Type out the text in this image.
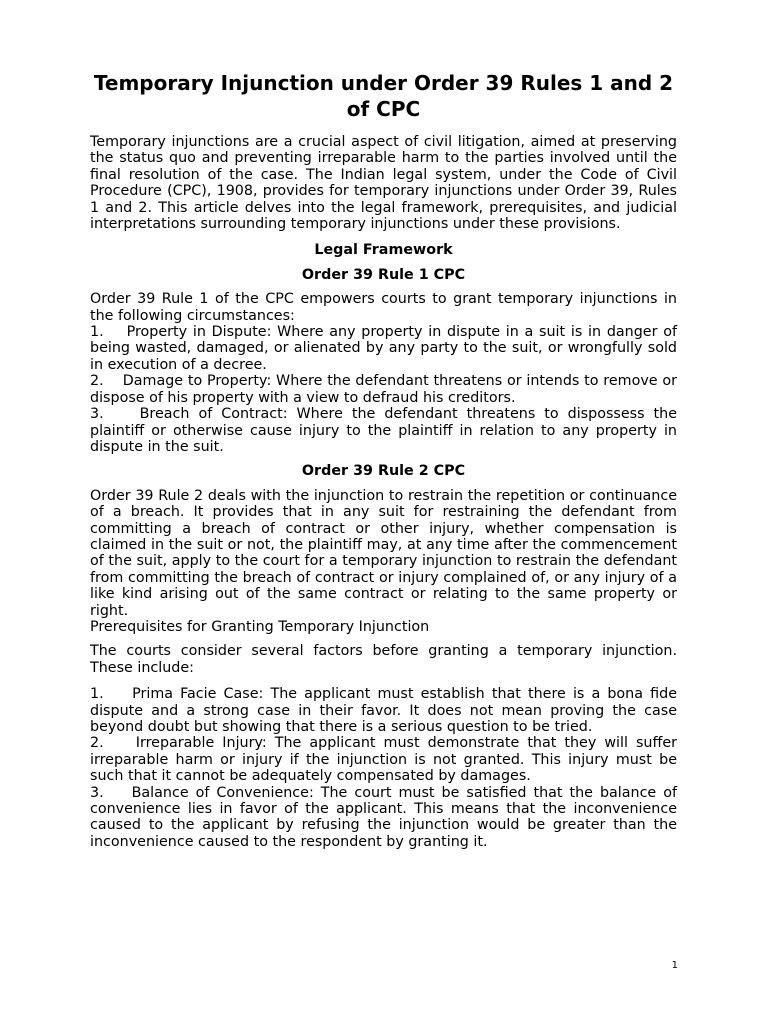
Temporary Injunction under Order 39 Rules 1 and 2 of CPC

Temporary injunctions are a crucial aspect of civil litigation, aimed at preserving the status quo and preventing irreparable harm to the parties involved until the final resolution of the case. The Indian legal system, under the Code of Civil Procedure (CPC), 1908, provides for temporary injunctions under Order 39, Rules 1 and 2. This article delves into the legal framework, prerequisites, and judicial interpretations surrounding temporary injunctions under these provisions.

Legal Framework
Order 39 Rule 1 CPC

Order 39 Rule 1 of the CPC empowers courts to grant temporary injunctions in the following circumstances:

1.    Property in Dispute: Where any property in dispute in a suit is in danger of being wasted, damaged, or alienated by any party to the suit, or wrongfully sold in execution of a decree.

2.    Damage to Property: Where the defendant threatens or intends to remove or dispose of his property with a view to defraud his creditors.

3.    Breach of Contract: Where the defendant threatens to dispossess the plaintiff or otherwise cause injury to the plaintiff in relation to any property in dispute in the suit.

Order 39 Rule 2 CPC

Order 39 Rule 2 deals with the injunction to restrain the repetition or continuance of a breach. It provides that in any suit for restraining the defendant from committing a breach of contract or other injury, whether compensation is claimed in the suit or not, the plaintiff may, at any time after the commencement of the suit, apply to the court for a temporary injunction to restrain the defendant from committing the breach of contract or injury complained of, or any injury of a like kind arising out of the same contract or relating to the same property or right.

Prerequisites for Granting Temporary Injunction

The courts consider several factors before granting a temporary injunction. These include:

1.    Prima Facie Case: The applicant must establish that there is a bona fide dispute and a strong case in their favor. It does not mean proving the case beyond doubt but showing that there is a serious question to be tried.

2.    Irreparable Injury: The applicant must demonstrate that they will suffer irreparable harm or injury if the injunction is not granted. This injury must be such that it cannot be adequately compensated by damages.

3.    Balance of Convenience: The court must be satisfied that the balance of convenience lies in favor of the applicant. This means that the inconvenience caused to the applicant by refusing the injunction would be greater than the inconvenience caused to the respondent by granting it.

1
